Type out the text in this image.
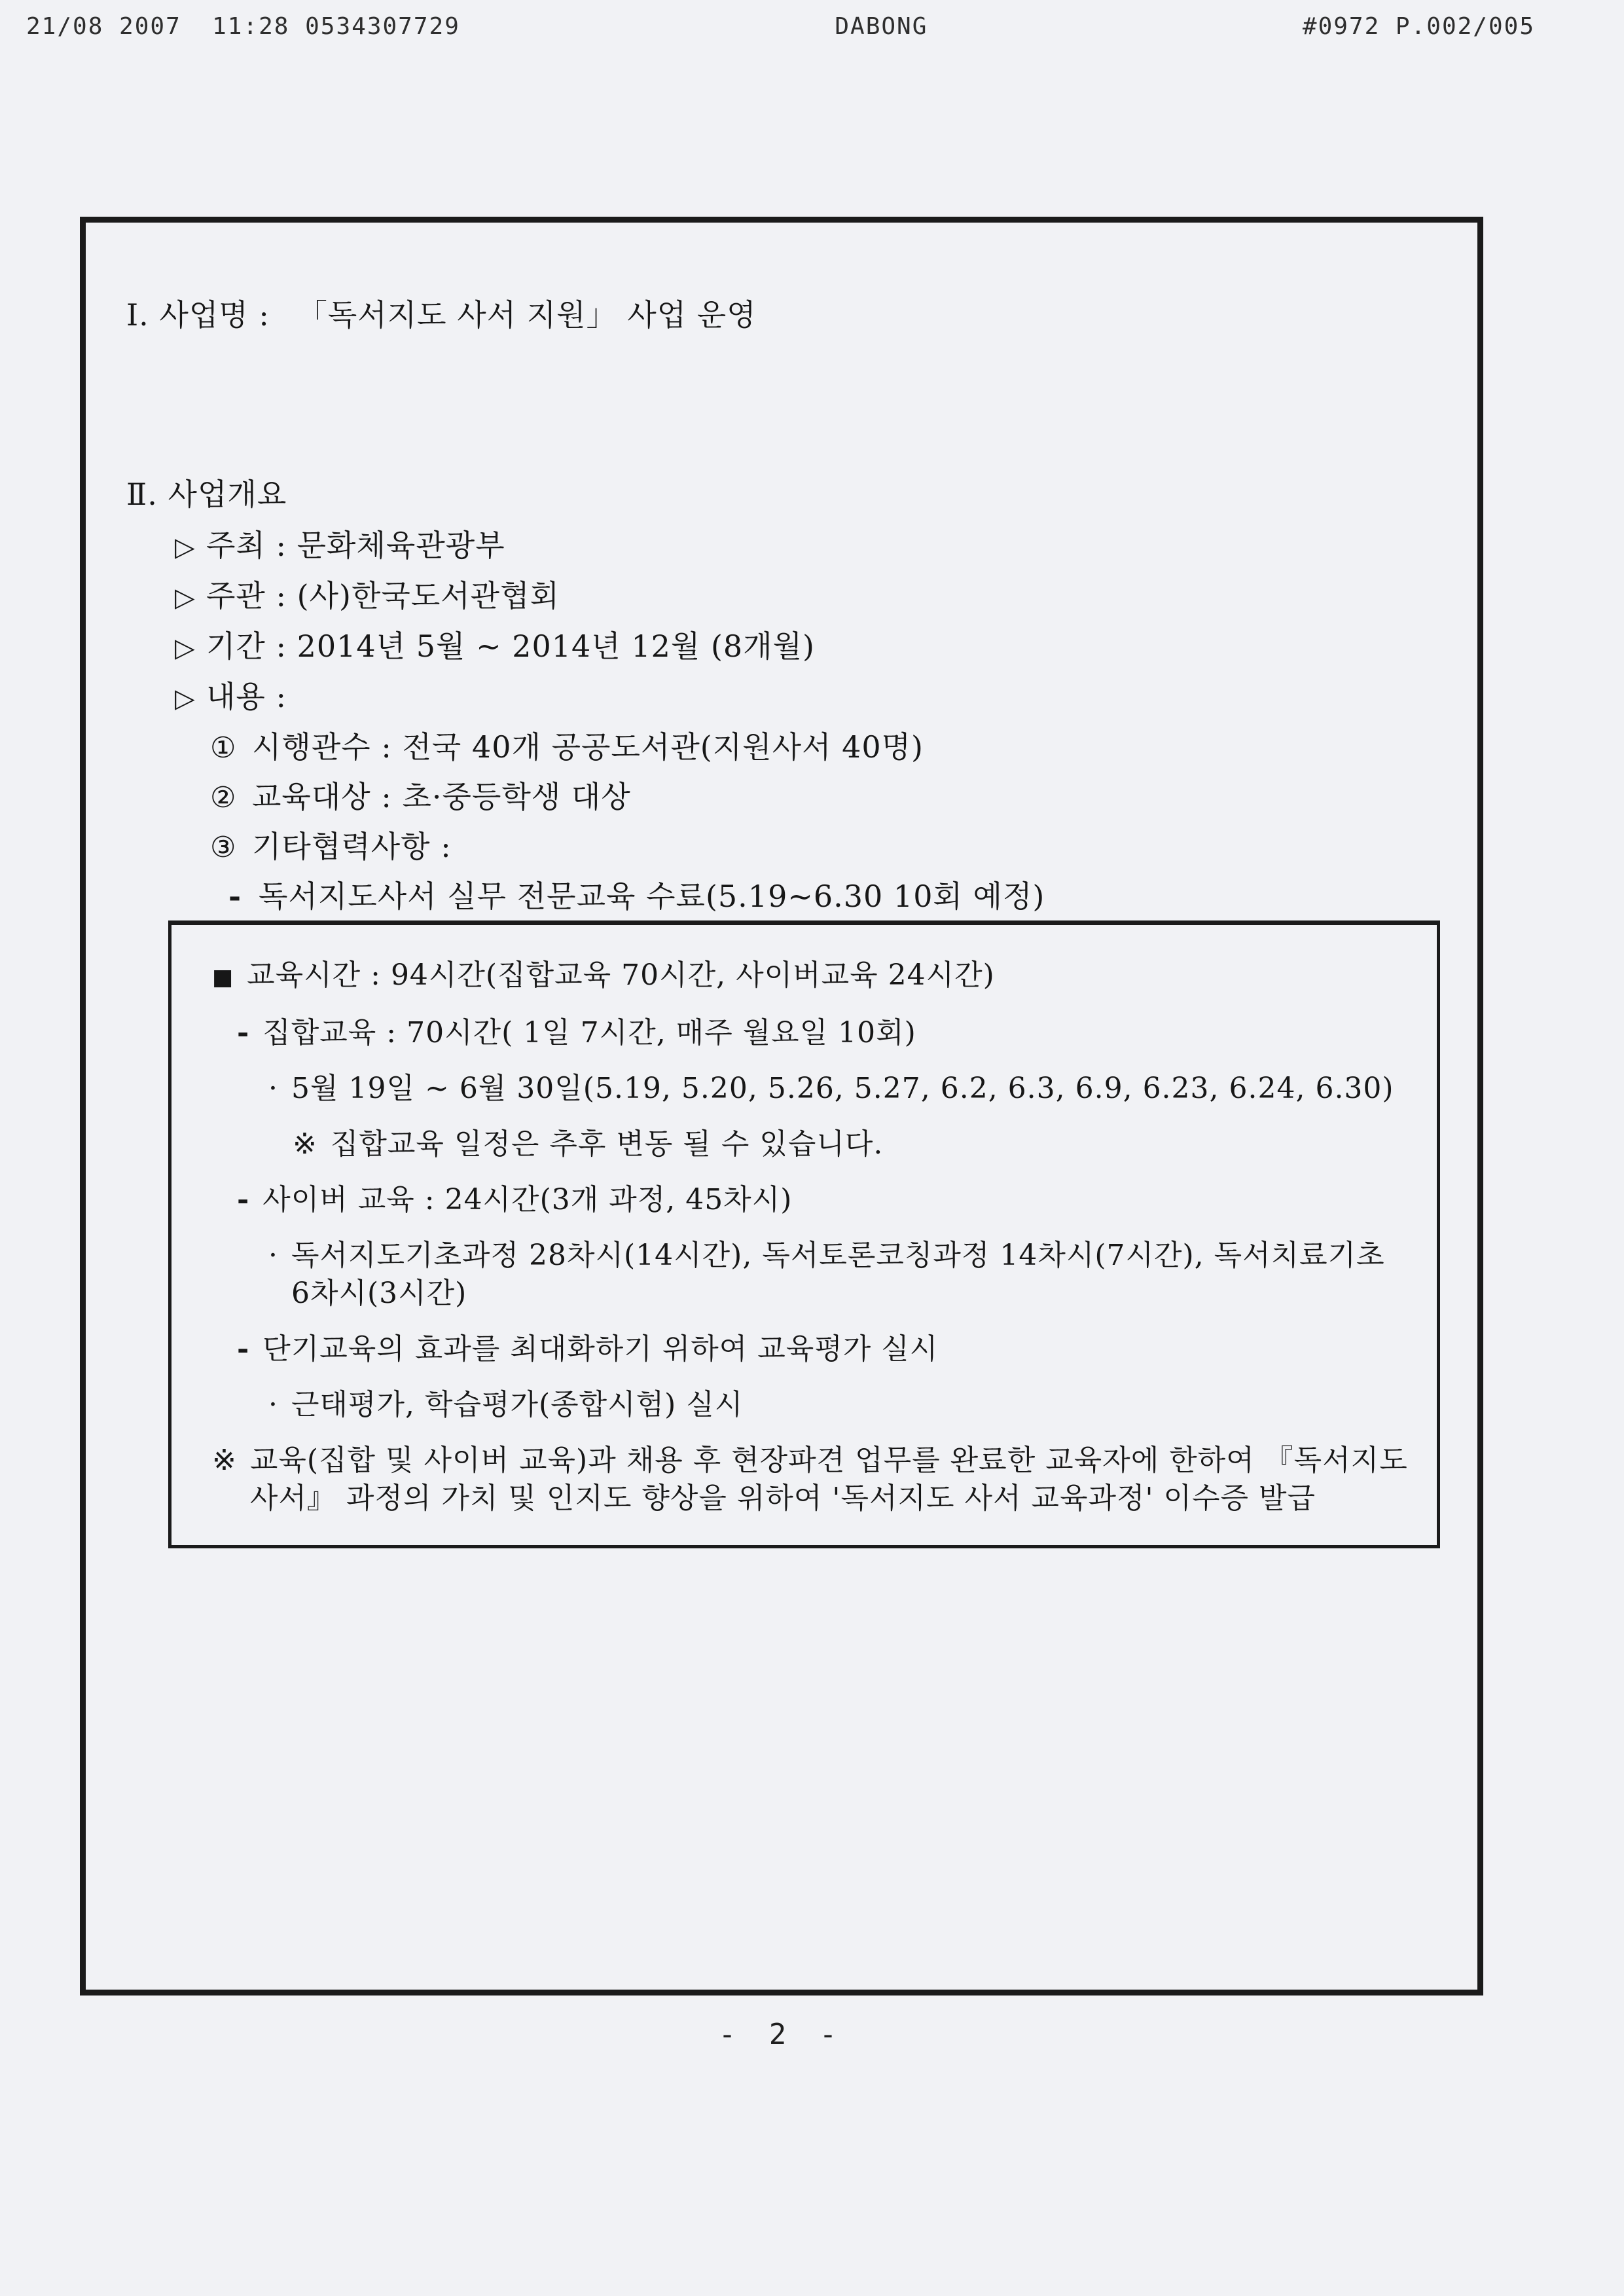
21/08 2007  11:28 0534307729	DABONG	#0972 P.002/005
Ⅰ. 사업명 : 「독서지도 사서 지원」 사업 운영
Ⅱ. 사업개요
▷ 주최 : 문화체육관광부
▷ 주관 : (사)한국도서관협회
▷ 기간 : 2014년 5월 ~ 2014년 12월 (8개월)
▷ 내용 :
① 시행관수 : 전국 40개 공공도서관(지원사서 40명)
② 교육대상 : 초·중등학생 대상
③ 기타협력사항 :
- 독서지도사서 실무 전문교육 수료(5.19~6.30 10회 예정)
■ 교육시간 : 94시간(집합교육 70시간, 사이버교육 24시간)
- 집합교육 : 70시간( 1일 7시간, 매주 월요일 10회)
· 5월 19일 ~ 6월 30일(5.19, 5.20, 5.26, 5.27, 6.2, 6.3, 6.9, 6.23, 6.24, 6.30)
※ 집합교육 일정은 추후 변동 될 수 있습니다.
- 사이버 교육 : 24시간(3개 과정, 45차시)
· 독서지도기초과정 28차시(14시간), 독서토론코칭과정 14차시(7시간), 독서치료기초 6차시(3시간)
- 단기교육의 효과를 최대화하기 위하여 교육평가 실시
· 근태평가, 학습평가(종합시험) 실시
※ 교육(집합 및 사이버 교육)과 채용 후 현장파견 업무를 완료한 교육자에 한하여 『독서지도 사서』 과정의 가치 및 인지도 향상을 위하여 '독서지도 사서 교육과정' 이수증 발급
- 2 -
